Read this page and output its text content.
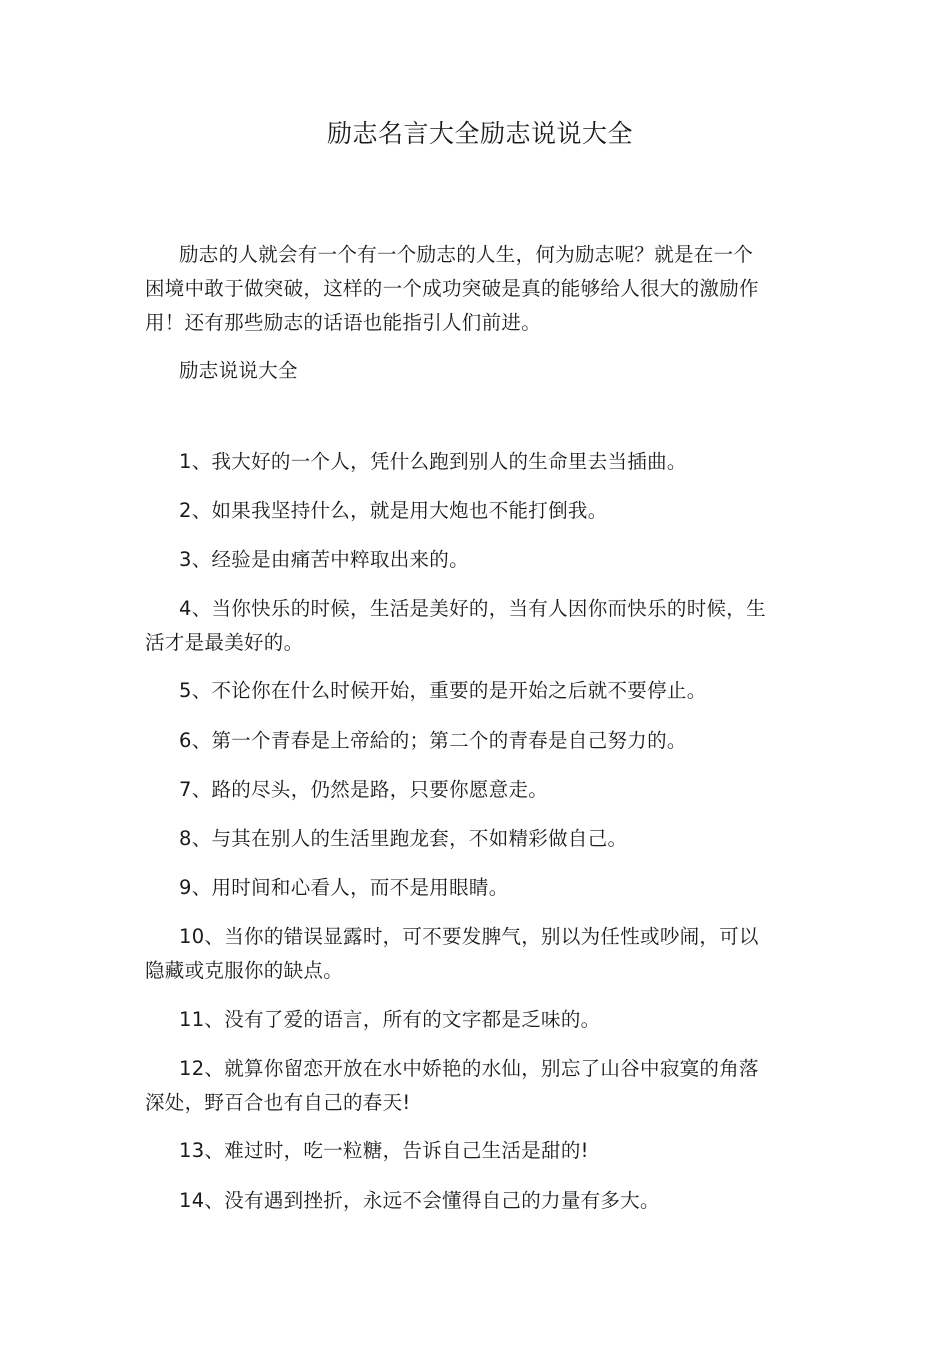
励志名言大全励志说说大全

励志的人就会有一个有一个励志的人生，何为励志呢？就是在一个困境中敢于做突破，这样的一个成功突破是真的能够给人很大的激励作用！还有那些励志的话语也能指引人们前进。

励志说说大全

1、我大好的一个人，凭什么跑到别人的生命里去当插曲。

2、如果我坚持什么，就是用大炮也不能打倒我。

3、经验是由痛苦中粹取出来的。

4、当你快乐的时候，生活是美好的，当有人因你而快乐的时候，生活才是最美好的。

5、不论你在什么时候开始，重要的是开始之后就不要停止。

6、第一个青春是上帝給的；第二个的青春是自己努力的。

7、路的尽头，仍然是路，只要你愿意走。

8、与其在别人的生活里跑龙套，不如精彩做自己。

9、用时间和心看人，而不是用眼睛。

10、当你的错误显露时，可不要发脾气，别以为任性或吵闹，可以隐藏或克服你的缺点。

11、没有了爱的语言，所有的文字都是乏味的。

12、就算你留恋开放在水中娇艳的水仙，别忘了山谷中寂寞的角落深处，野百合也有自己的春天!

13、难过时，吃一粒糖，告诉自己生活是甜的!

14、没有遇到挫折，永远不会懂得自己的力量有多大。
